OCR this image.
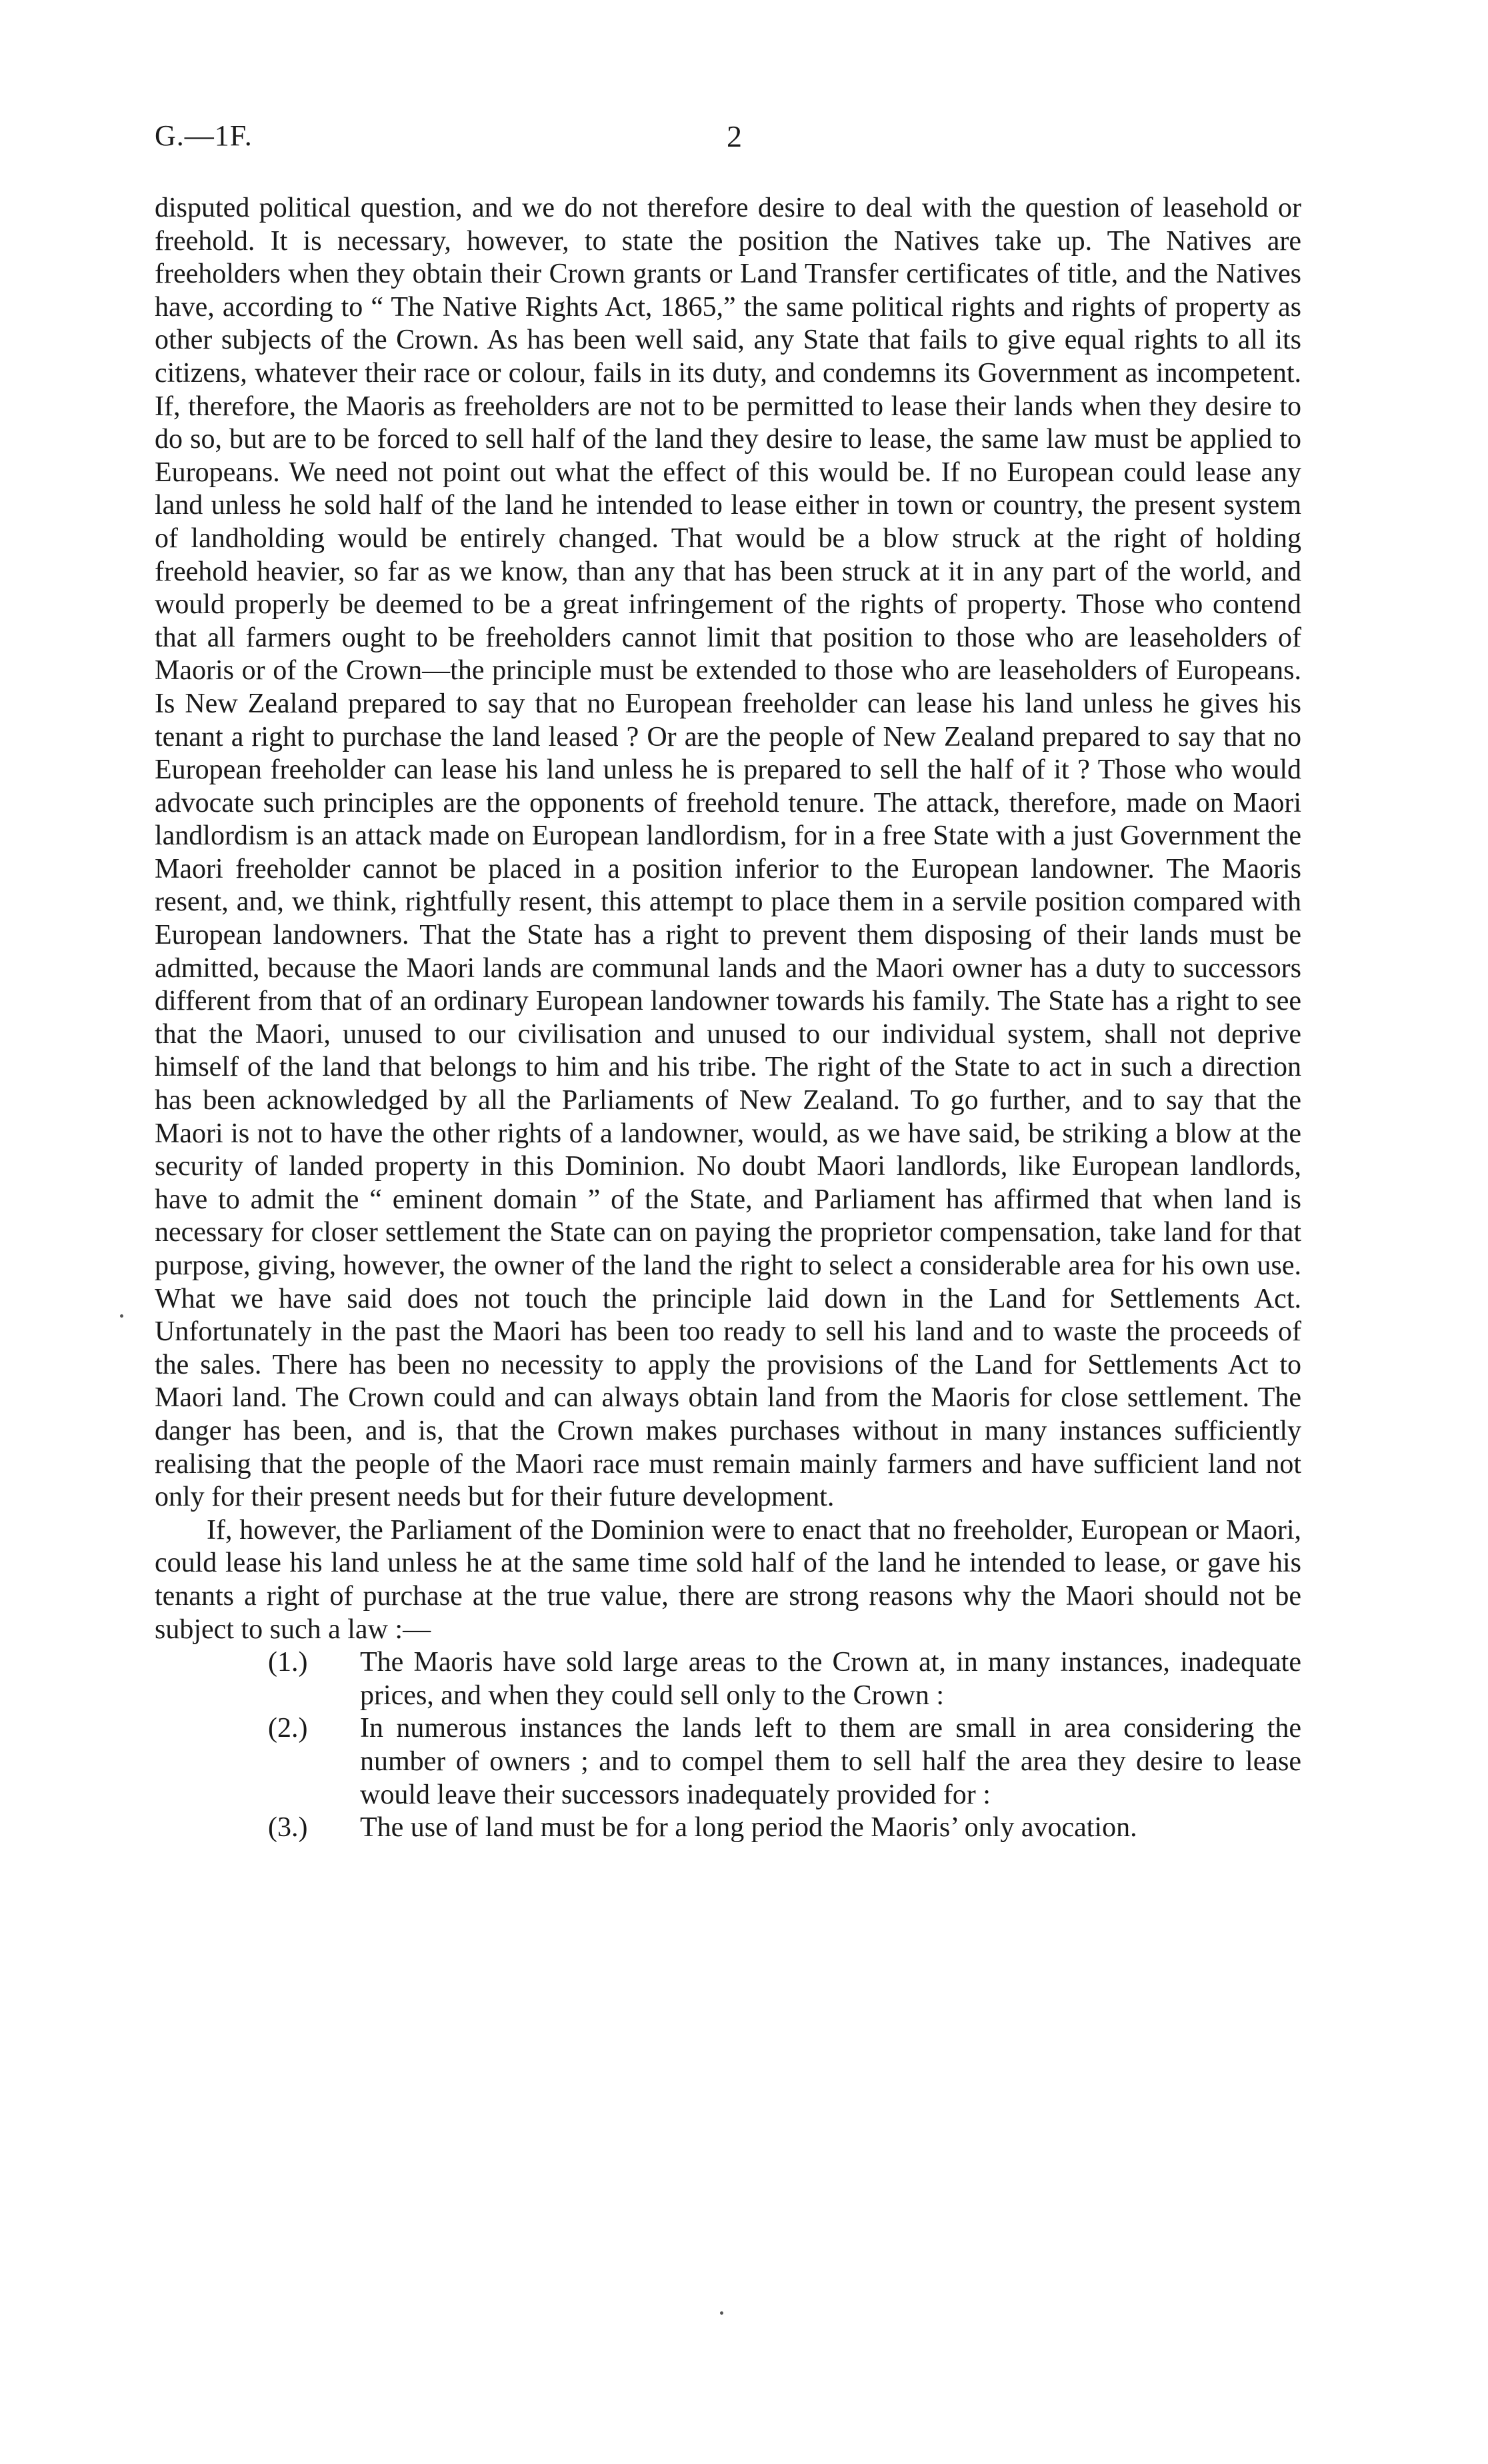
G.—1F.	2

disputed political question, and we do not therefore desire to deal with the question of leasehold or freehold. It is necessary, however, to state the position the Natives take up. The Natives are freeholders when they obtain their Crown grants or Land Transfer certificates of title, and the Natives have, according to “ The Native Rights Act, 1865,” the same political rights and rights of property as other subjects of the Crown. As has been well said, any State that fails to give equal rights to all its citizens, whatever their race or colour, fails in its duty, and condemns its Government as incompetent. If, therefore, the Maoris as freeholders are not to be permitted to lease their lands when they desire to do so, but are to be forced to sell half of the land they desire to lease, the same law must be applied to Europeans. We need not point out what the effect of this would be. If no European could lease any land unless he sold half of the land he intended to lease either in town or country, the present system of landholding would be entirely changed. That would be a blow struck at the right of holding freehold heavier, so far as we know, than any that has been struck at it in any part of the world, and would properly be deemed to be a great infringement of the rights of property. Those who contend that all farmers ought to be freeholders cannot limit that position to those who are leaseholders of Maoris or of the Crown—the principle must be extended to those who are leaseholders of Europeans. Is New Zealand prepared to say that no European freeholder can lease his land unless he gives his tenant a right to purchase the land leased ? Or are the people of New Zealand prepared to say that no European freeholder can lease his land unless he is prepared to sell the half of it ? Those who would advocate such principles are the opponents of freehold tenure. The attack, therefore, made on Maori landlordism is an attack made on European landlordism, for in a free State with a just Government the Maori freeholder cannot be placed in a position inferior to the European landowner. The Maoris resent, and, we think, rightfully resent, this attempt to place them in a servile position compared with European landowners. That the State has a right to prevent them disposing of their lands must be admitted, because the Maori lands are communal lands and the Maori owner has a duty to successors different from that of an ordinary European landowner towards his family. The State has a right to see that the Maori, unused to our civilisation and unused to our individual system, shall not deprive himself of the land that belongs to him and his tribe. The right of the State to act in such a direction has been acknowledged by all the Parliaments of New Zealand. To go further, and to say that the Maori is not to have the other rights of a landowner, would, as we have said, be striking a blow at the security of landed property in this Dominion. No doubt Maori landlords, like European landlords, have to admit the “ eminent domain ” of the State, and Parliament has affirmed that when land is necessary for closer settlement the State can on paying the proprietor compensation, take land for that purpose, giving, however, the owner of the land the right to select a considerable area for his own use. What we have said does not touch the principle laid down in the Land for Settlements Act. Unfortunately in the past the Maori has been too ready to sell his land and to waste the proceeds of the sales. There has been no necessity to apply the provisions of the Land for Settlements Act to Maori land. The Crown could and can always obtain land from the Maoris for close settlement. The danger has been, and is, that the Crown makes purchases without in many instances sufficiently realising that the people of the Maori race must remain mainly farmers and have sufficient land not only for their present needs but for their future development.

If, however, the Parliament of the Dominion were to enact that no freeholder, European or Maori, could lease his land unless he at the same time sold half of the land he intended to lease, or gave his tenants a right of purchase at the true value, there are strong reasons why the Maori should not be subject to such a law :—

(1.) The Maoris have sold large areas to the Crown at, in many instances, inadequate prices, and when they could sell only to the Crown :
(2.) In numerous instances the lands left to them are small in area considering the number of owners ; and to compel them to sell half the area they desire to lease would leave their successors inadequately provided for :
(3.) The use of land must be for a long period the Maoris’ only avocation.
